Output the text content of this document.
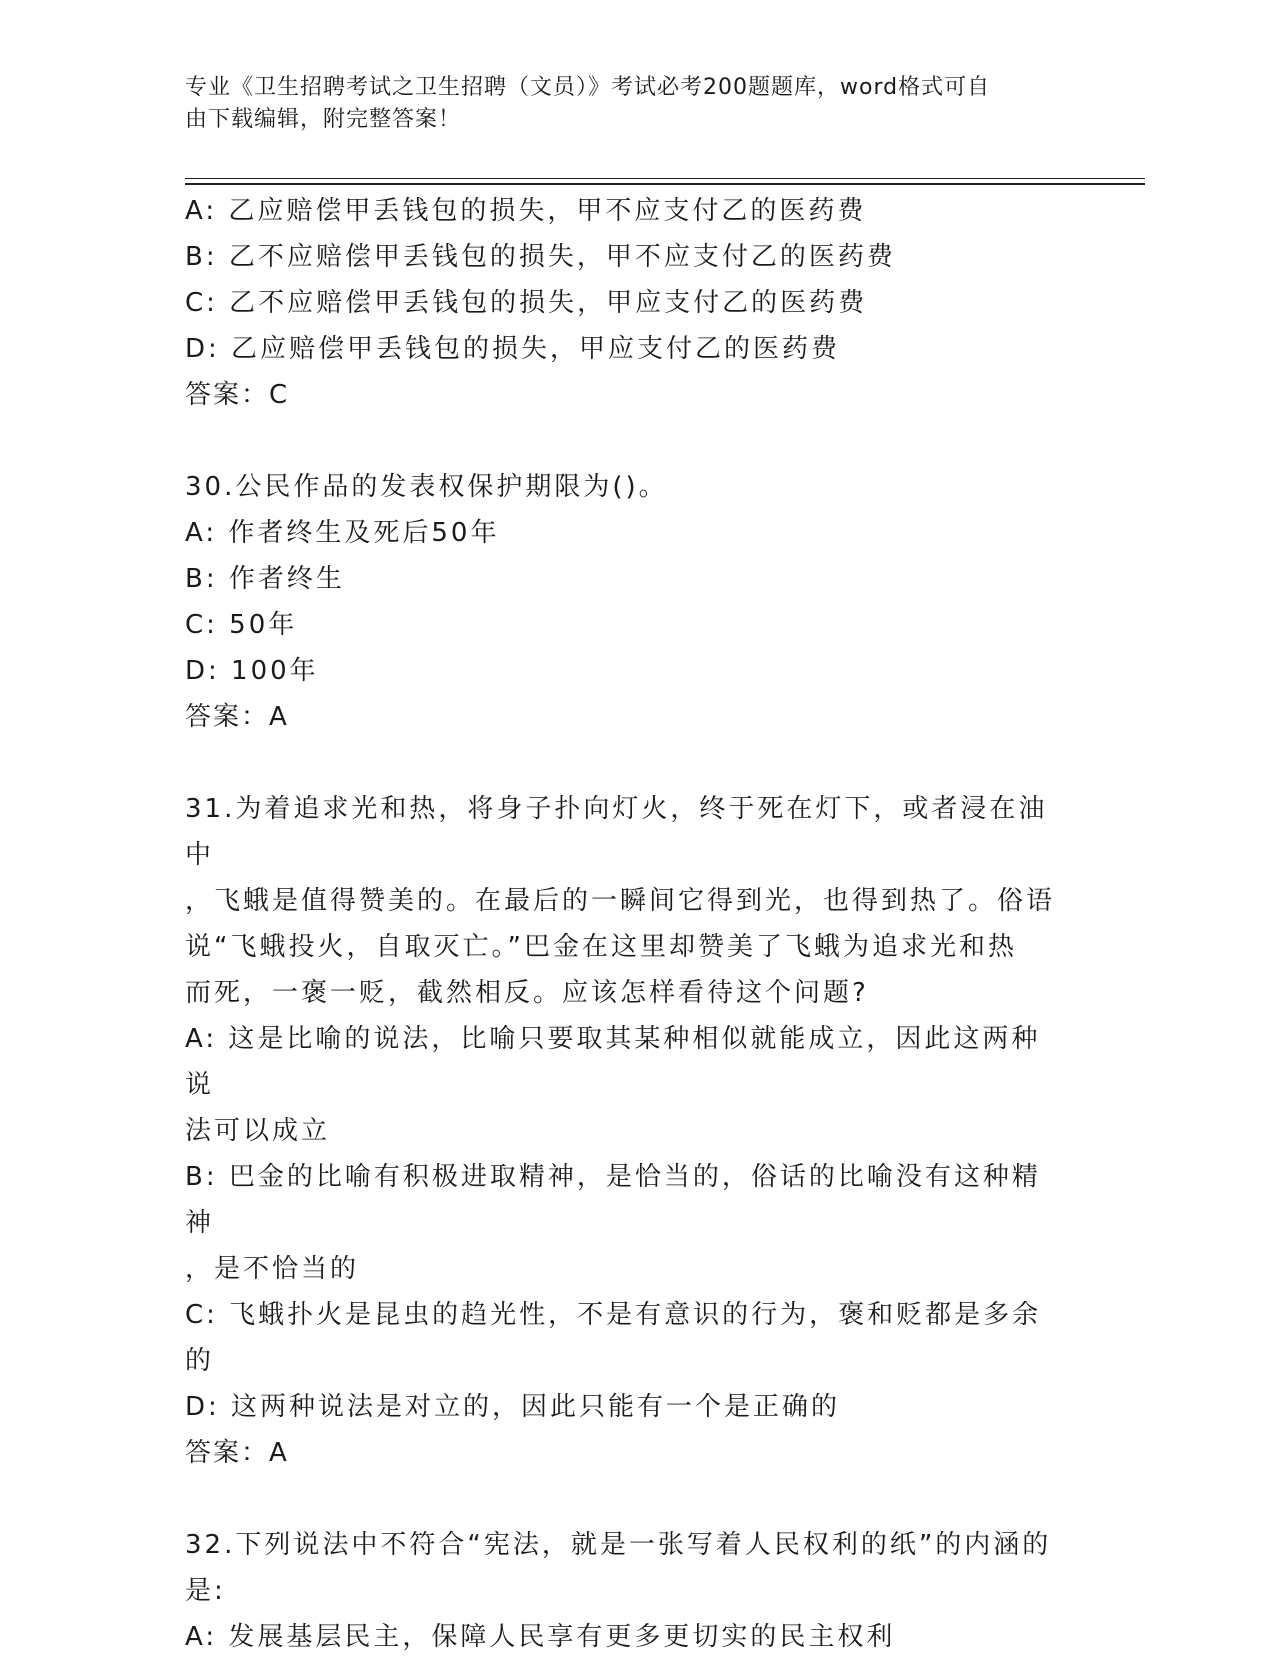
专业《卫生招聘考试之卫生招聘（文员）》考试必考200题题库，word格式可自
由下载编辑，附完整答案！

A: 乙应赔偿甲丢钱包的损失，甲不应支付乙的医药费

B: 乙不应赔偿甲丢钱包的损失，甲不应支付乙的医药费

C: 乙不应赔偿甲丢钱包的损失，甲应支付乙的医药费

D: 乙应赔偿甲丢钱包的损失，甲应支付乙的医药费

答案：C

30.公民作品的发表权保护期限为()。

A: 作者终生及死后50年

B: 作者终生

C: 50年

D: 100年

答案：A

31.为着追求光和热，将身子扑向灯火，终于死在灯下，或者浸在油中

，飞蛾是值得赞美的。在最后的一瞬间它得到光，也得到热了。俗语

说“飞蛾投火，自取灭亡。”巴金在这里却赞美了飞蛾为追求光和热

而死，一褒一贬，截然相反。应该怎样看待这个问题?

A: 这是比喻的说法，比喻只要取其某种相似就能成立，因此这两种说

法可以成立

B: 巴金的比喻有积极进取精神，是恰当的，俗话的比喻没有这种精神

，是不恰当的

C: 飞蛾扑火是昆虫的趋光性，不是有意识的行为，褒和贬都是多余的

D: 这两种说法是对立的，因此只能有一个是正确的

答案：A

32.下列说法中不符合“宪法，就是一张写着人民权利的纸”的内涵的

是:

A: 发展基层民主，保障人民享有更多更切实的民主权利
